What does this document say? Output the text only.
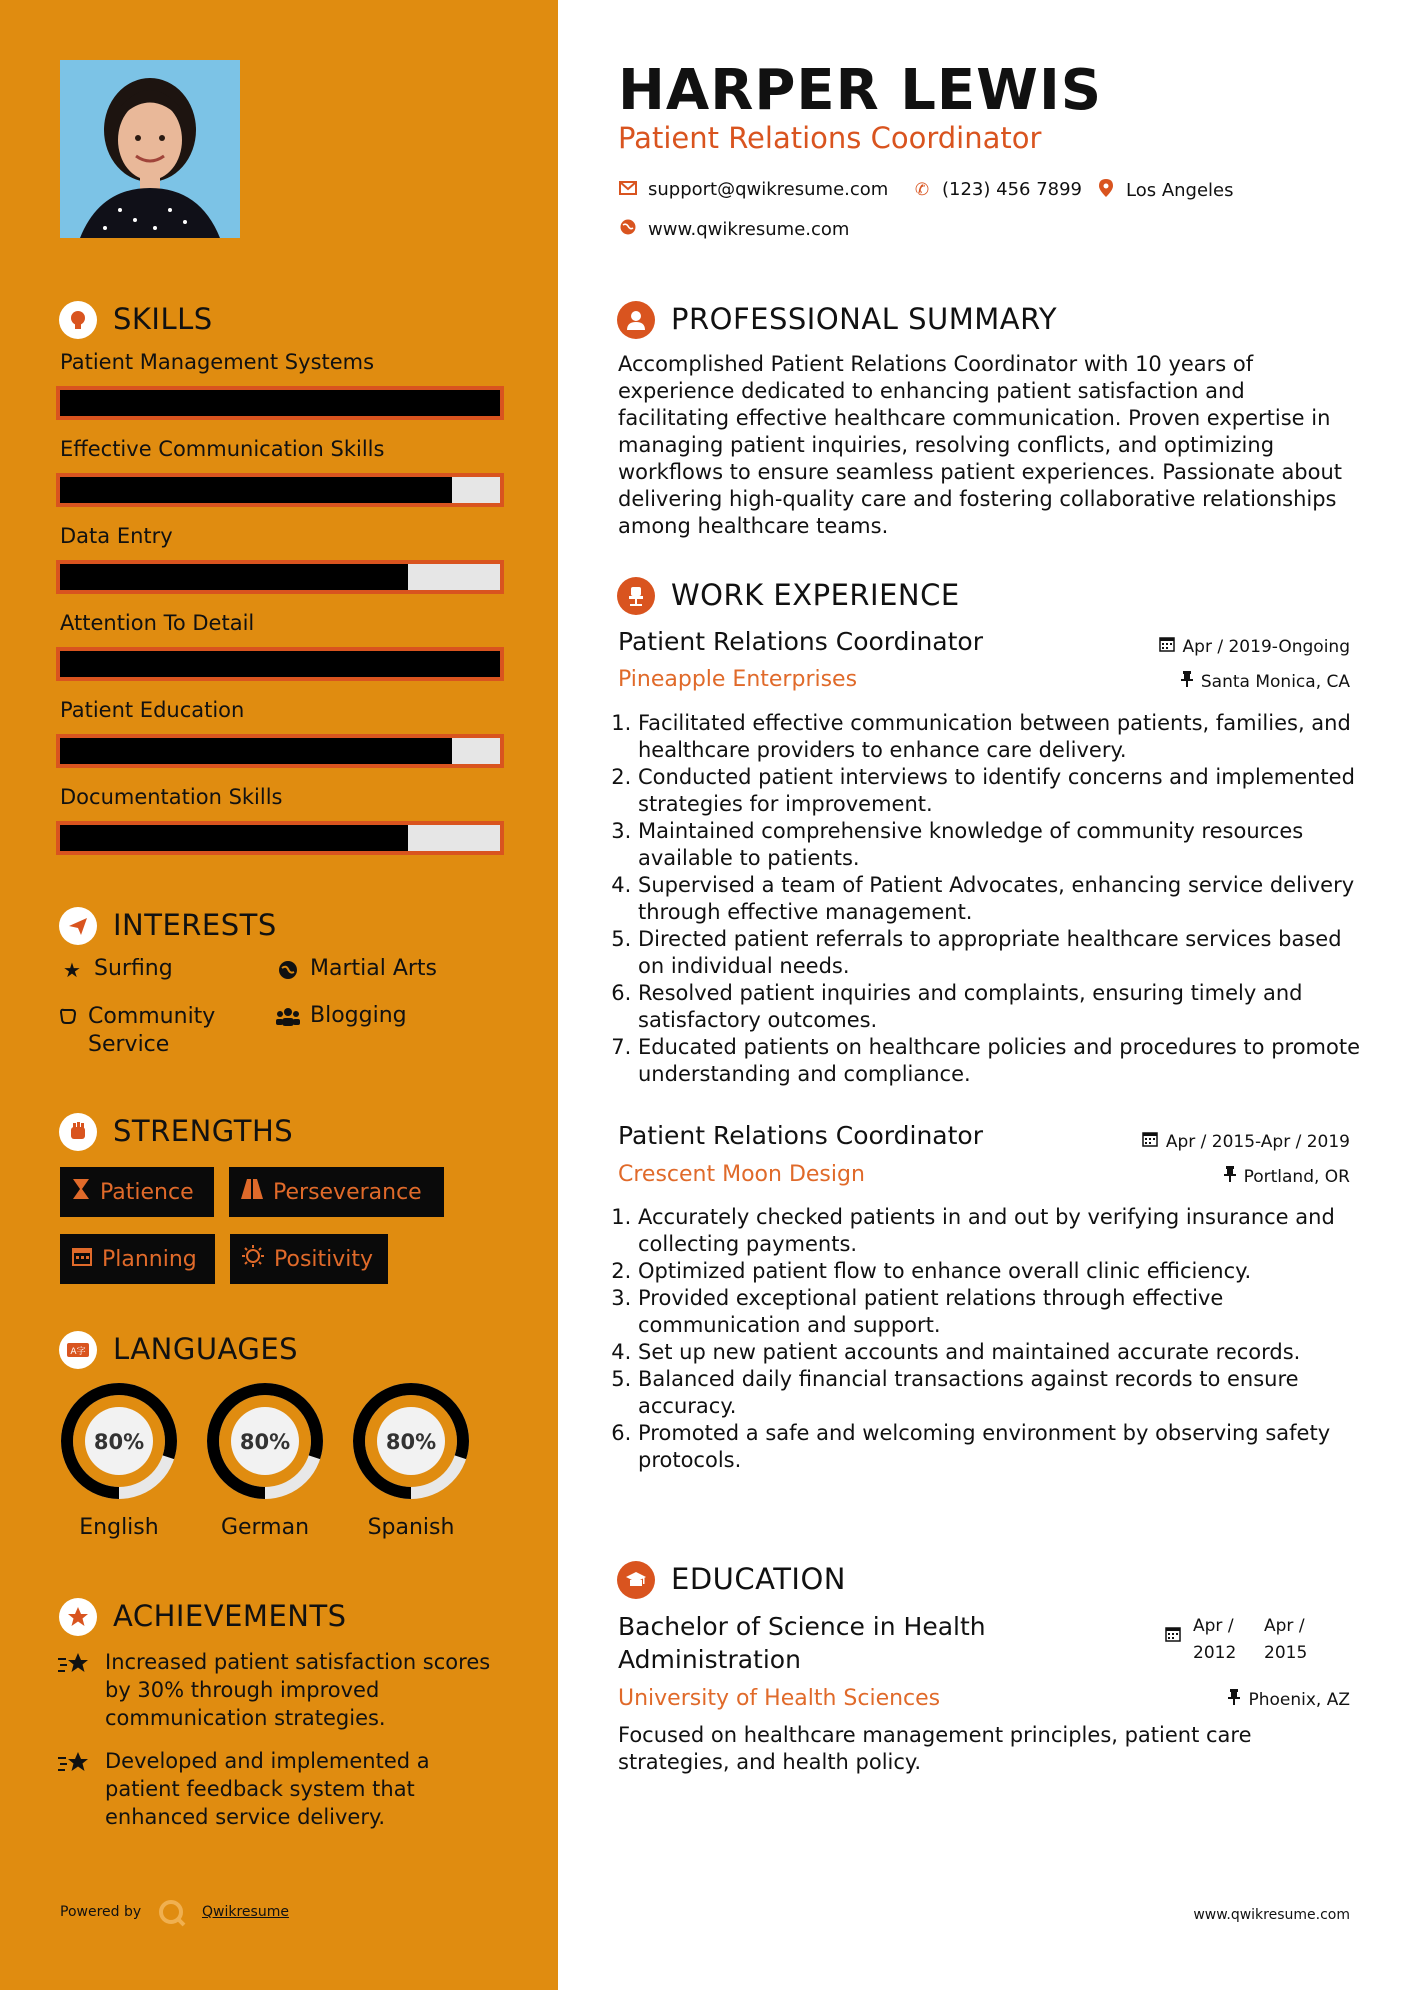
SKILLS
INTERESTS
★ Surfing	Martial Arts
Community Service
Blogging
STRENGTHS
Patience	Perseverance
Planning	Positivity
A字 LANGUAGES
ACHIEVEMENTS
Increased patient satisfaction scores by 30% through improved communication strategies.
Developed and implemented a patient feedback system that enhanced service delivery.
Powered by	Qwikresume
Patient Management Systems
Effective Communication Skills
Data Entry
Attention To Detail
Patient Education
Documentation Skills
80%
English
80%
German
80%
Spanish
HARPER LEWIS
Patient Relations Coordinator
support@qwikresume.com ✆ (123) 456 7899 Los Angeles
www.qwikresume.com
PROFESSIONAL SUMMARY
Accomplished Patient Relations Coordinator with 10 years of experience dedicated to enhancing patient satisfaction and facilitating effective healthcare communication. Proven expertise in managing patient inquiries, resolving conflicts, and optimizing workflows to ensure seamless patient experiences. Passionate about delivering high-quality care and fostering collaborative relationships among healthcare teams.
WORK EXPERIENCE
Patient Relations Coordinator
Pineapple Enterprises
Apr / 2019-Ongoing
Santa Monica, CA
1. Facilitated effective communication between patients, families, and healthcare providers to enhance care delivery.
2. Conducted patient interviews to identify concerns and implemented strategies for improvement.
3. Maintained comprehensive knowledge of community resources available to patients.
4. Supervised a team of Patient Advocates, enhancing service delivery through effective management.
5. Directed patient referrals to appropriate healthcare services based on individual needs.
6. Resolved patient inquiries and complaints, ensuring timely and satisfactory outcomes.
7. Educated patients on healthcare policies and procedures to promote understanding and compliance.
Patient Relations Coordinator
Crescent Moon Design
Apr / 2015-Apr / 2019
Portland, OR
1. Accurately checked patients in and out by verifying insurance and collecting payments.
2. Optimized patient flow to enhance overall clinic efficiency.
3. Provided exceptional patient relations through effective communication and support.
4. Set up new patient accounts and maintained accurate records.
5. Balanced daily financial transactions against records to ensure accuracy.
6. Promoted a safe and welcoming environment by observing safety protocols.
EDUCATION
Bachelor of Science in Health Administration
University of Health Sciences
Apr /
2012
Apr /
2015
Phoenix, AZ
Focused on healthcare management principles, patient care strategies, and health policy.
www.qwikresume.com
